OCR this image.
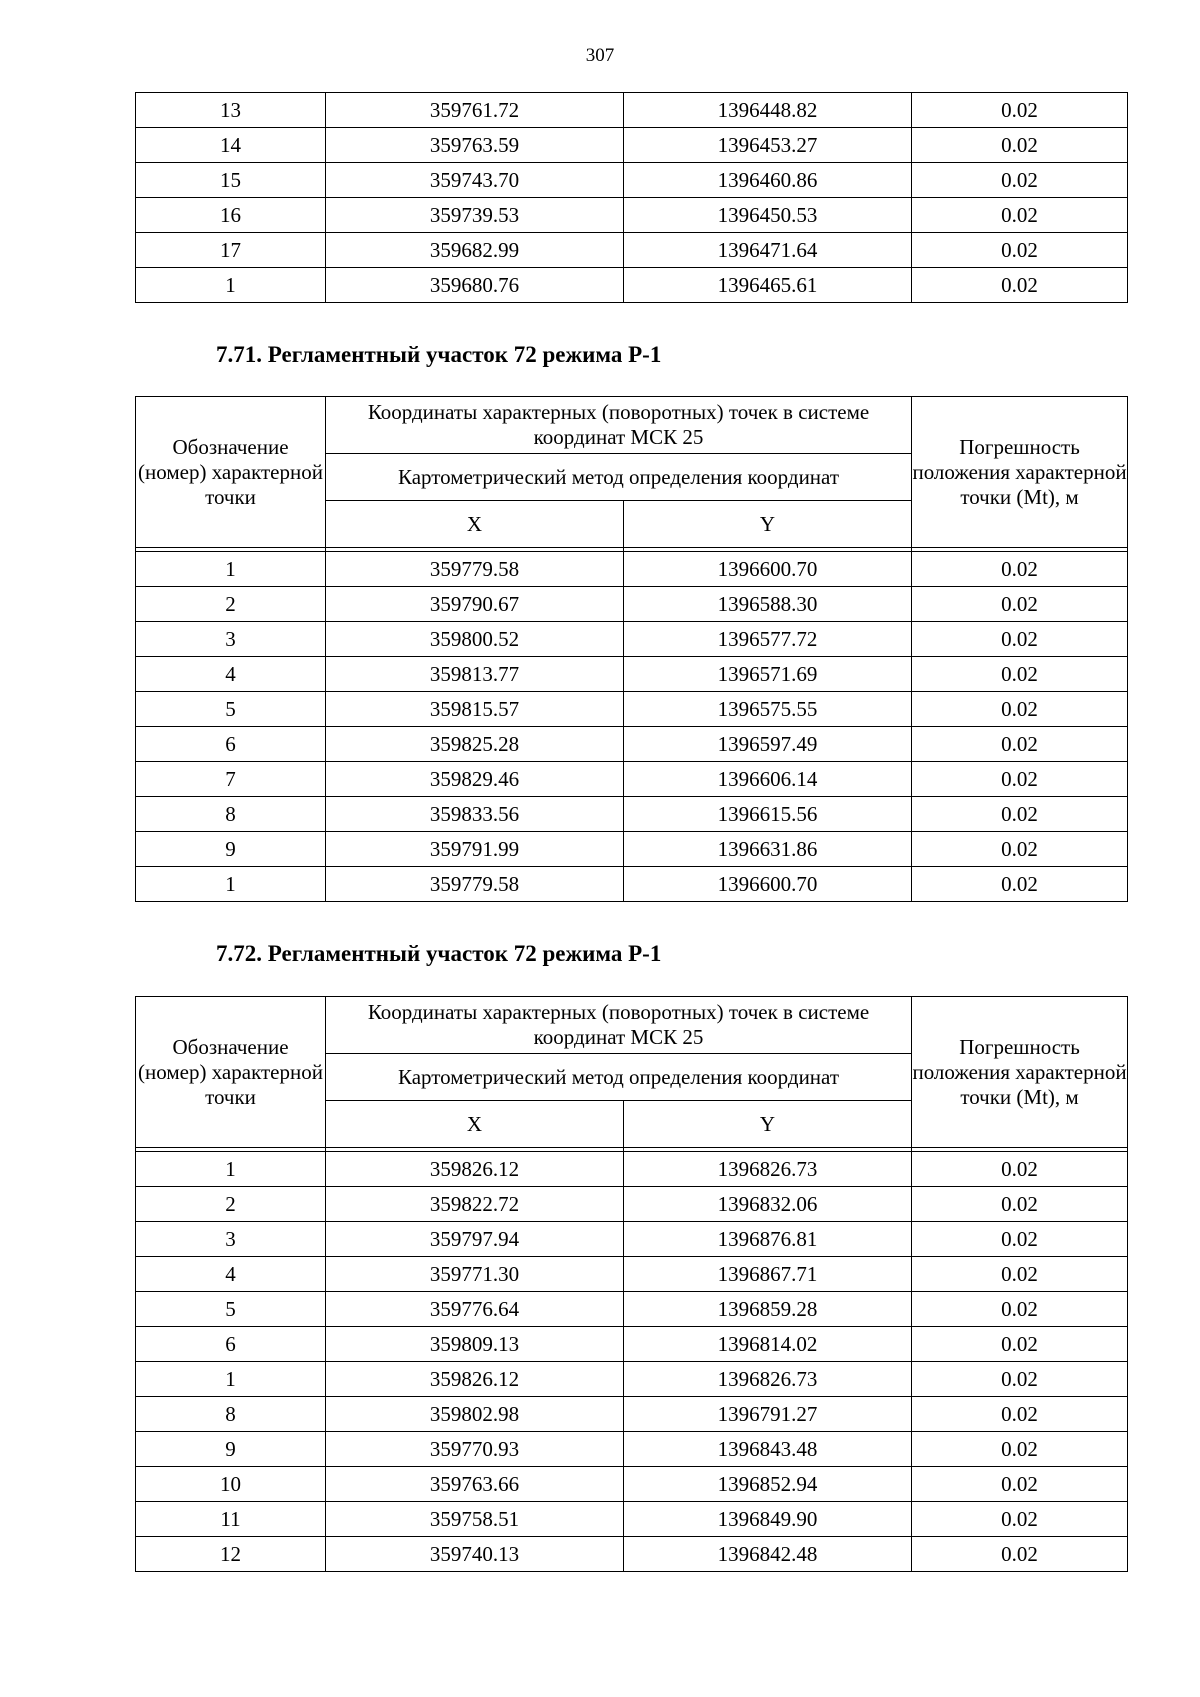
307
13	359761.72	1396448.82	0.02
14	359763.59	1396453.27	0.02
15	359743.70	1396460.86	0.02
16	359739.53	1396450.53	0.02
17	359682.99	1396471.64	0.02
1	359680.76	1396465.61	0.02
7.71. Регламентный участок 72 режима Р-1
Обозначение (номер) характерной точки	Координаты характерных (поворотных) точек в системе координат МСК 25		Погрешность положения характерной точки (Mt), м
	Картометрический метод определения координат		
	X	Y	

1	359779.58	1396600.70	0.02
2	359790.67	1396588.30	0.02
3	359800.52	1396577.72	0.02
4	359813.77	1396571.69	0.02
5	359815.57	1396575.55	0.02
6	359825.28	1396597.49	0.02
7	359829.46	1396606.14	0.02
8	359833.56	1396615.56	0.02
9	359791.99	1396631.86	0.02
1	359779.58	1396600.70	0.02
7.72. Регламентный участок 72 режима Р-1
Обозначение (номер) характерной точки	Координаты характерных (поворотных) точек в системе координат МСК 25		Погрешность положения характерной точки (Mt), м
	Картометрический метод определения координат		
	X	Y	

1	359826.12	1396826.73	0.02
2	359822.72	1396832.06	0.02
3	359797.94	1396876.81	0.02
4	359771.30	1396867.71	0.02
5	359776.64	1396859.28	0.02
6	359809.13	1396814.02	0.02
1	359826.12	1396826.73	0.02
8	359802.98	1396791.27	0.02
9	359770.93	1396843.48	0.02
10	359763.66	1396852.94	0.02
11	359758.51	1396849.90	0.02
12	359740.13	1396842.48	0.02
